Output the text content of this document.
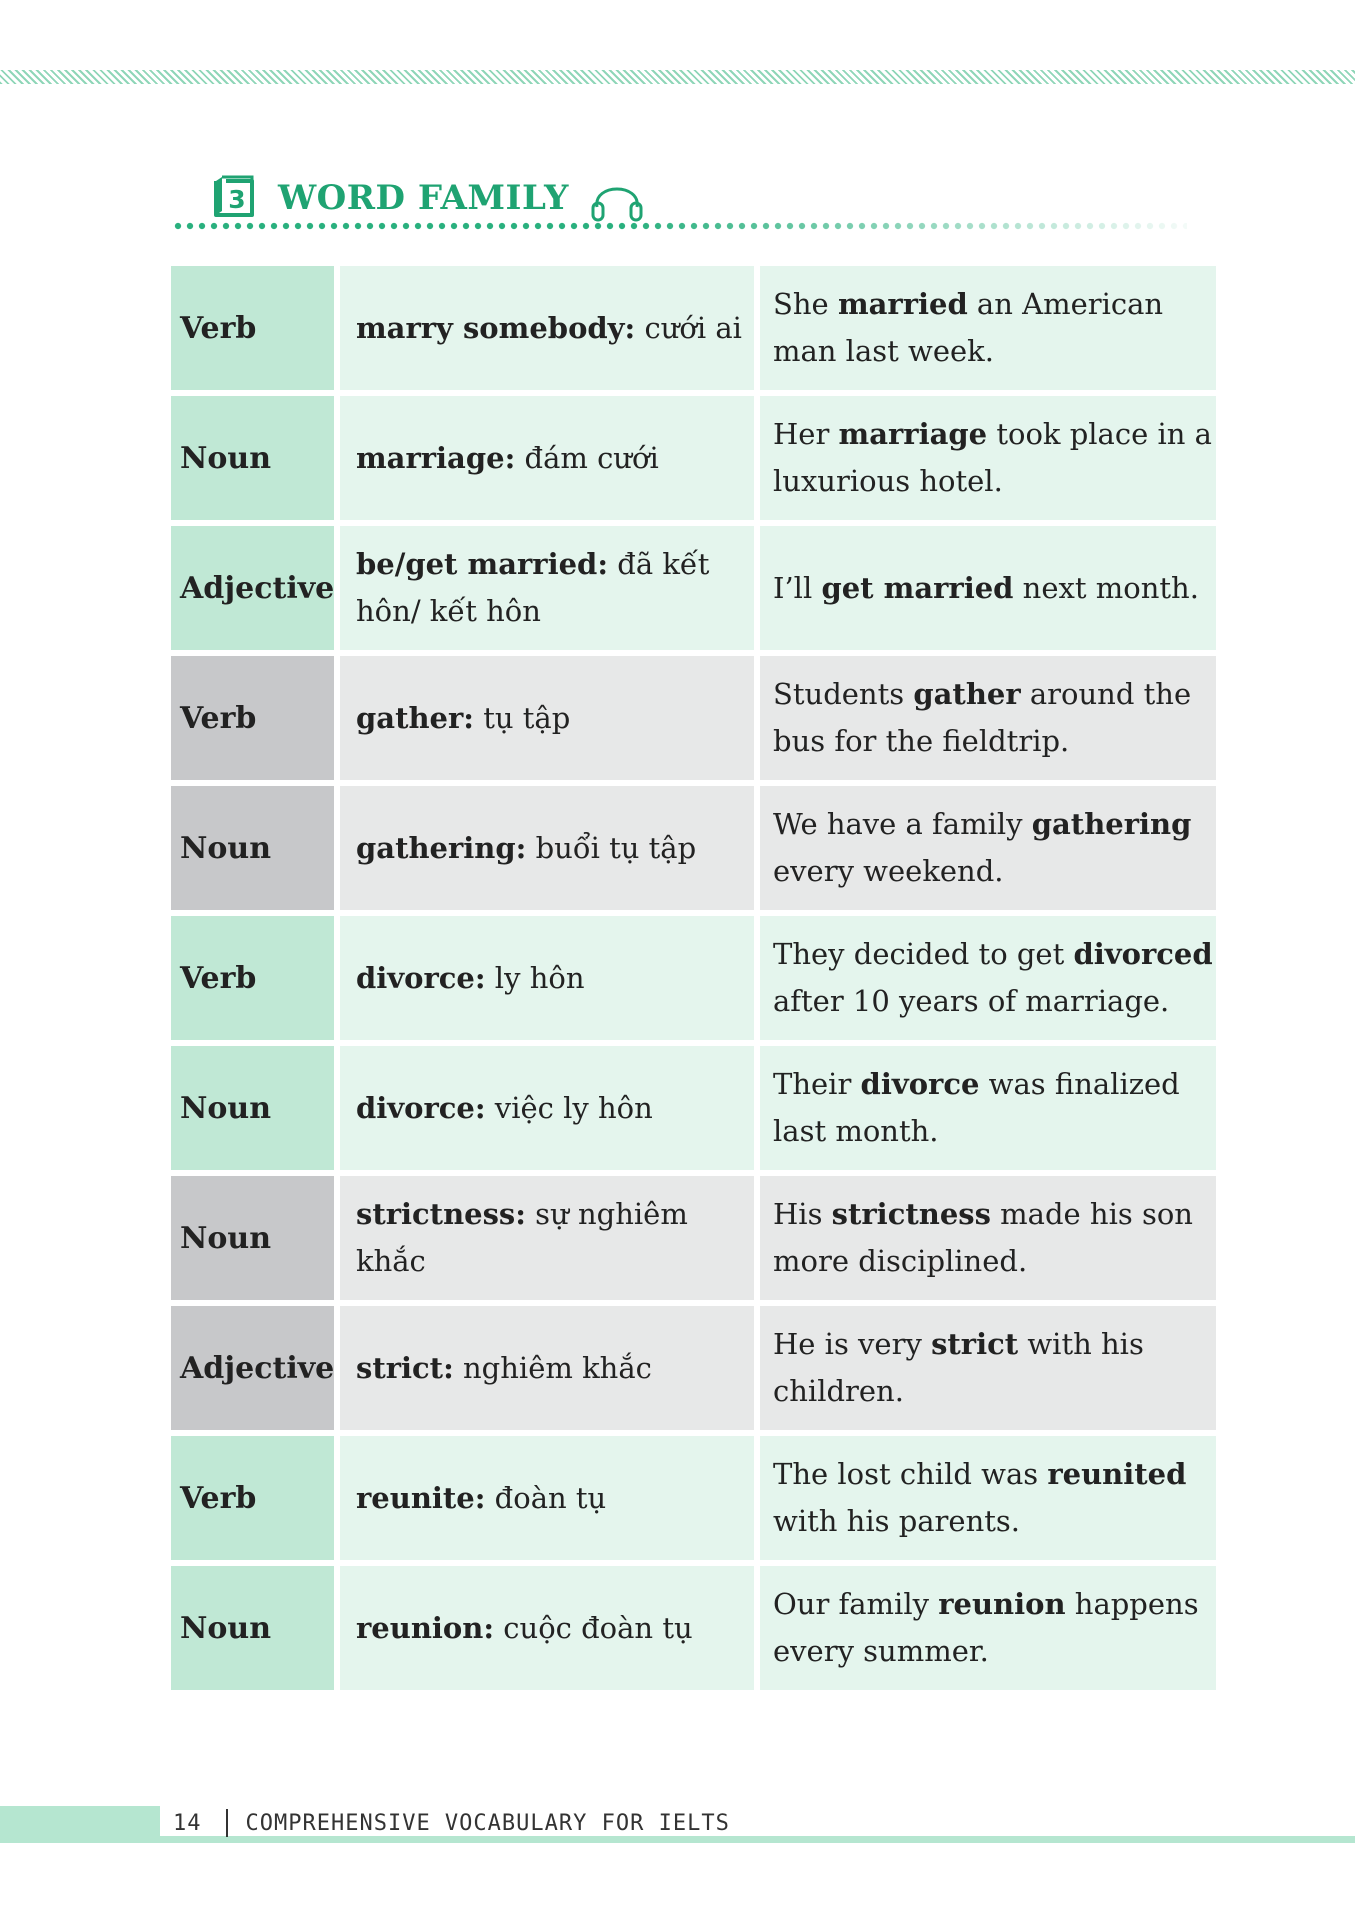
3 WORD FAMILY
Verb	marry somebody: cưới ai	She married an American man last week.
Noun	marriage: đám cưới	Her marriage took place in a luxurious hotel.
Adjective	be/get married: đã kết hôn/ kết hôn	I’ll get married next month.
Verb	gather: tụ tập	Students gather around the bus for the fieldtrip.
Noun	gathering: buổi tụ tập	We have a family gathering every weekend.
Verb	divorce: ly hôn	They decided to get divorced after 10 years of marriage.
Noun	divorce: việc ly hôn	Their divorce was finalized last month.
Noun	strictness: sự nghiêm khắc	His strictness made his son more disciplined.
Adjective	strict: nghiêm khắc	He is very strict with his children.
Verb	reunite: đoàn tụ	The lost child was reunited with his parents.
Noun	reunion: cuộc đoàn tụ	Our family reunion happens every summer.
14 COMPREHENSIVE VOCABULARY FOR IELTS
